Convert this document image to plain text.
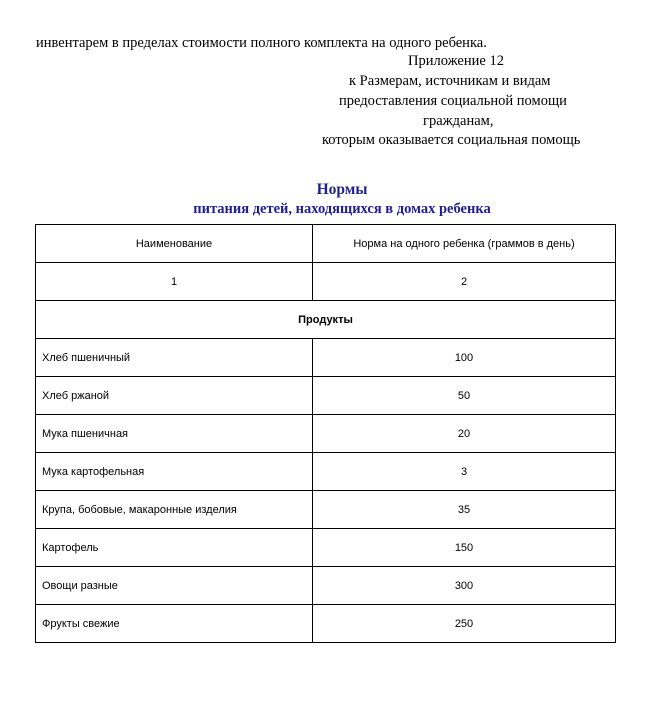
инвентарем в пределах стоимости полного комплекта на одного ребенка.
Приложение 12
к Размерам, источникам и видам
предоставления социальной помощи
гражданам,
которым оказывается социальная помощь
Нормы
питания детей, находящихся в домах ребенка
Наименование	Норма на одного ребенка (граммов в день)
1	2
Продукты	
Хлеб пшеничный	100
Хлеб ржаной	50
Мука пшеничная	20
Мука картофельная	3
Крупа, бобовые, макаронные изделия	35
Картофель	150
Овощи разные	300
Фрукты свежие	250
